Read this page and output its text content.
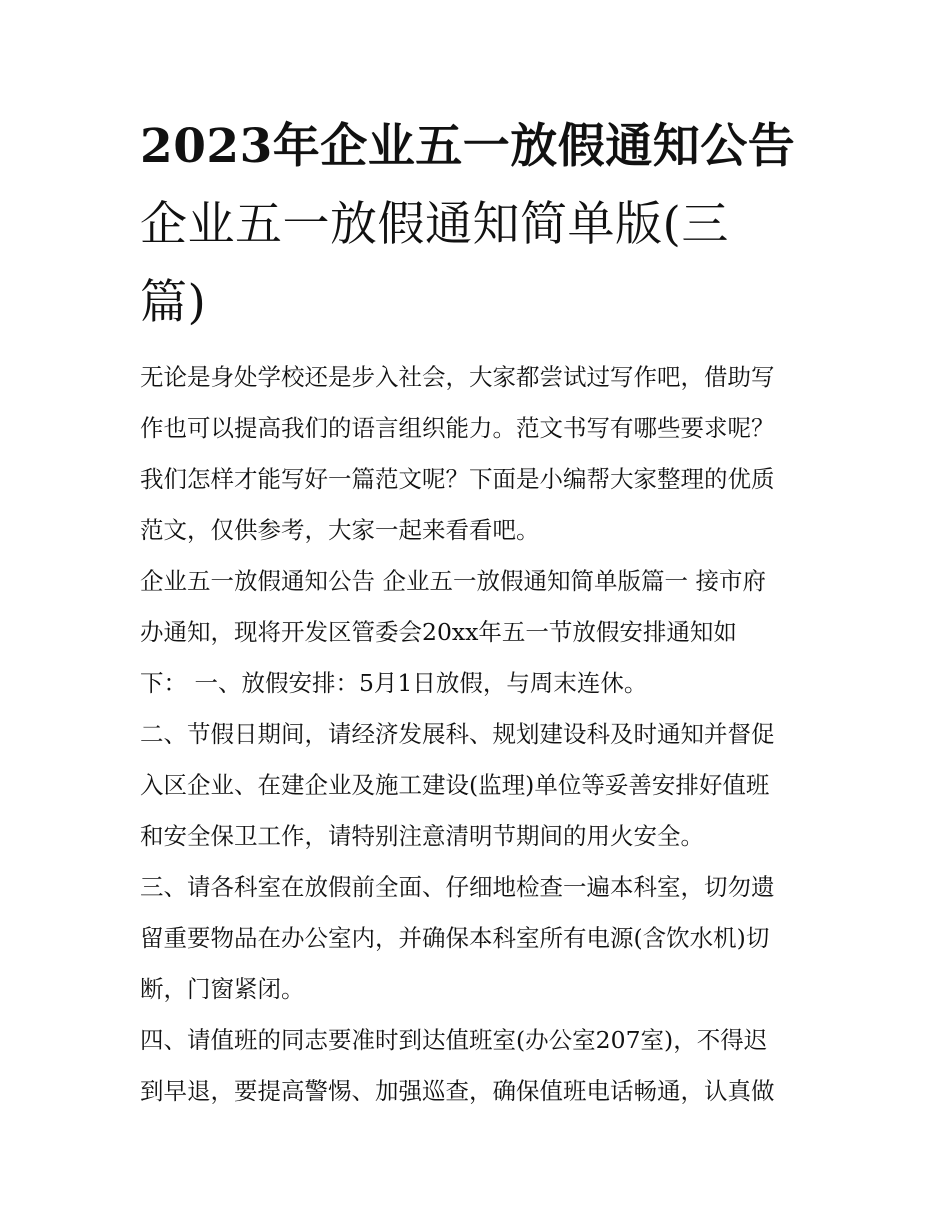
2023年企业五一放假通知公告
企业五一放假通知简单版(三
篇)

无论是身处学校还是步入社会，大家都尝试过写作吧，借助写
作也可以提高我们的语言组织能力。范文书写有哪些要求呢？
我们怎样才能写好一篇范文呢？下面是小编帮大家整理的优质
范文，仅供参考，大家一起来看看吧。

企业五一放假通知公告 企业五一放假通知简单版篇一 接市府
办通知，现将开发区管委会20xx年五一节放假安排通知如
下： 一、放假安排：5月1日放假，与周末连休。

二、节假日期间，请经济发展科、规划建设科及时通知并督促
入区企业、在建企业及施工建设(监理)单位等妥善安排好值班
和安全保卫工作，请特别注意清明节期间的用火安全。

三、请各科室在放假前全面、仔细地检查一遍本科室，切勿遗
留重要物品在办公室内，并确保本科室所有电源(含饮水机)切
断，门窗紧闭。

四、请值班的同志要准时到达值班室(办公室207室)，不得迟
到早退，要提高警惕、加强巡查，确保值班电话畅通，认真做
